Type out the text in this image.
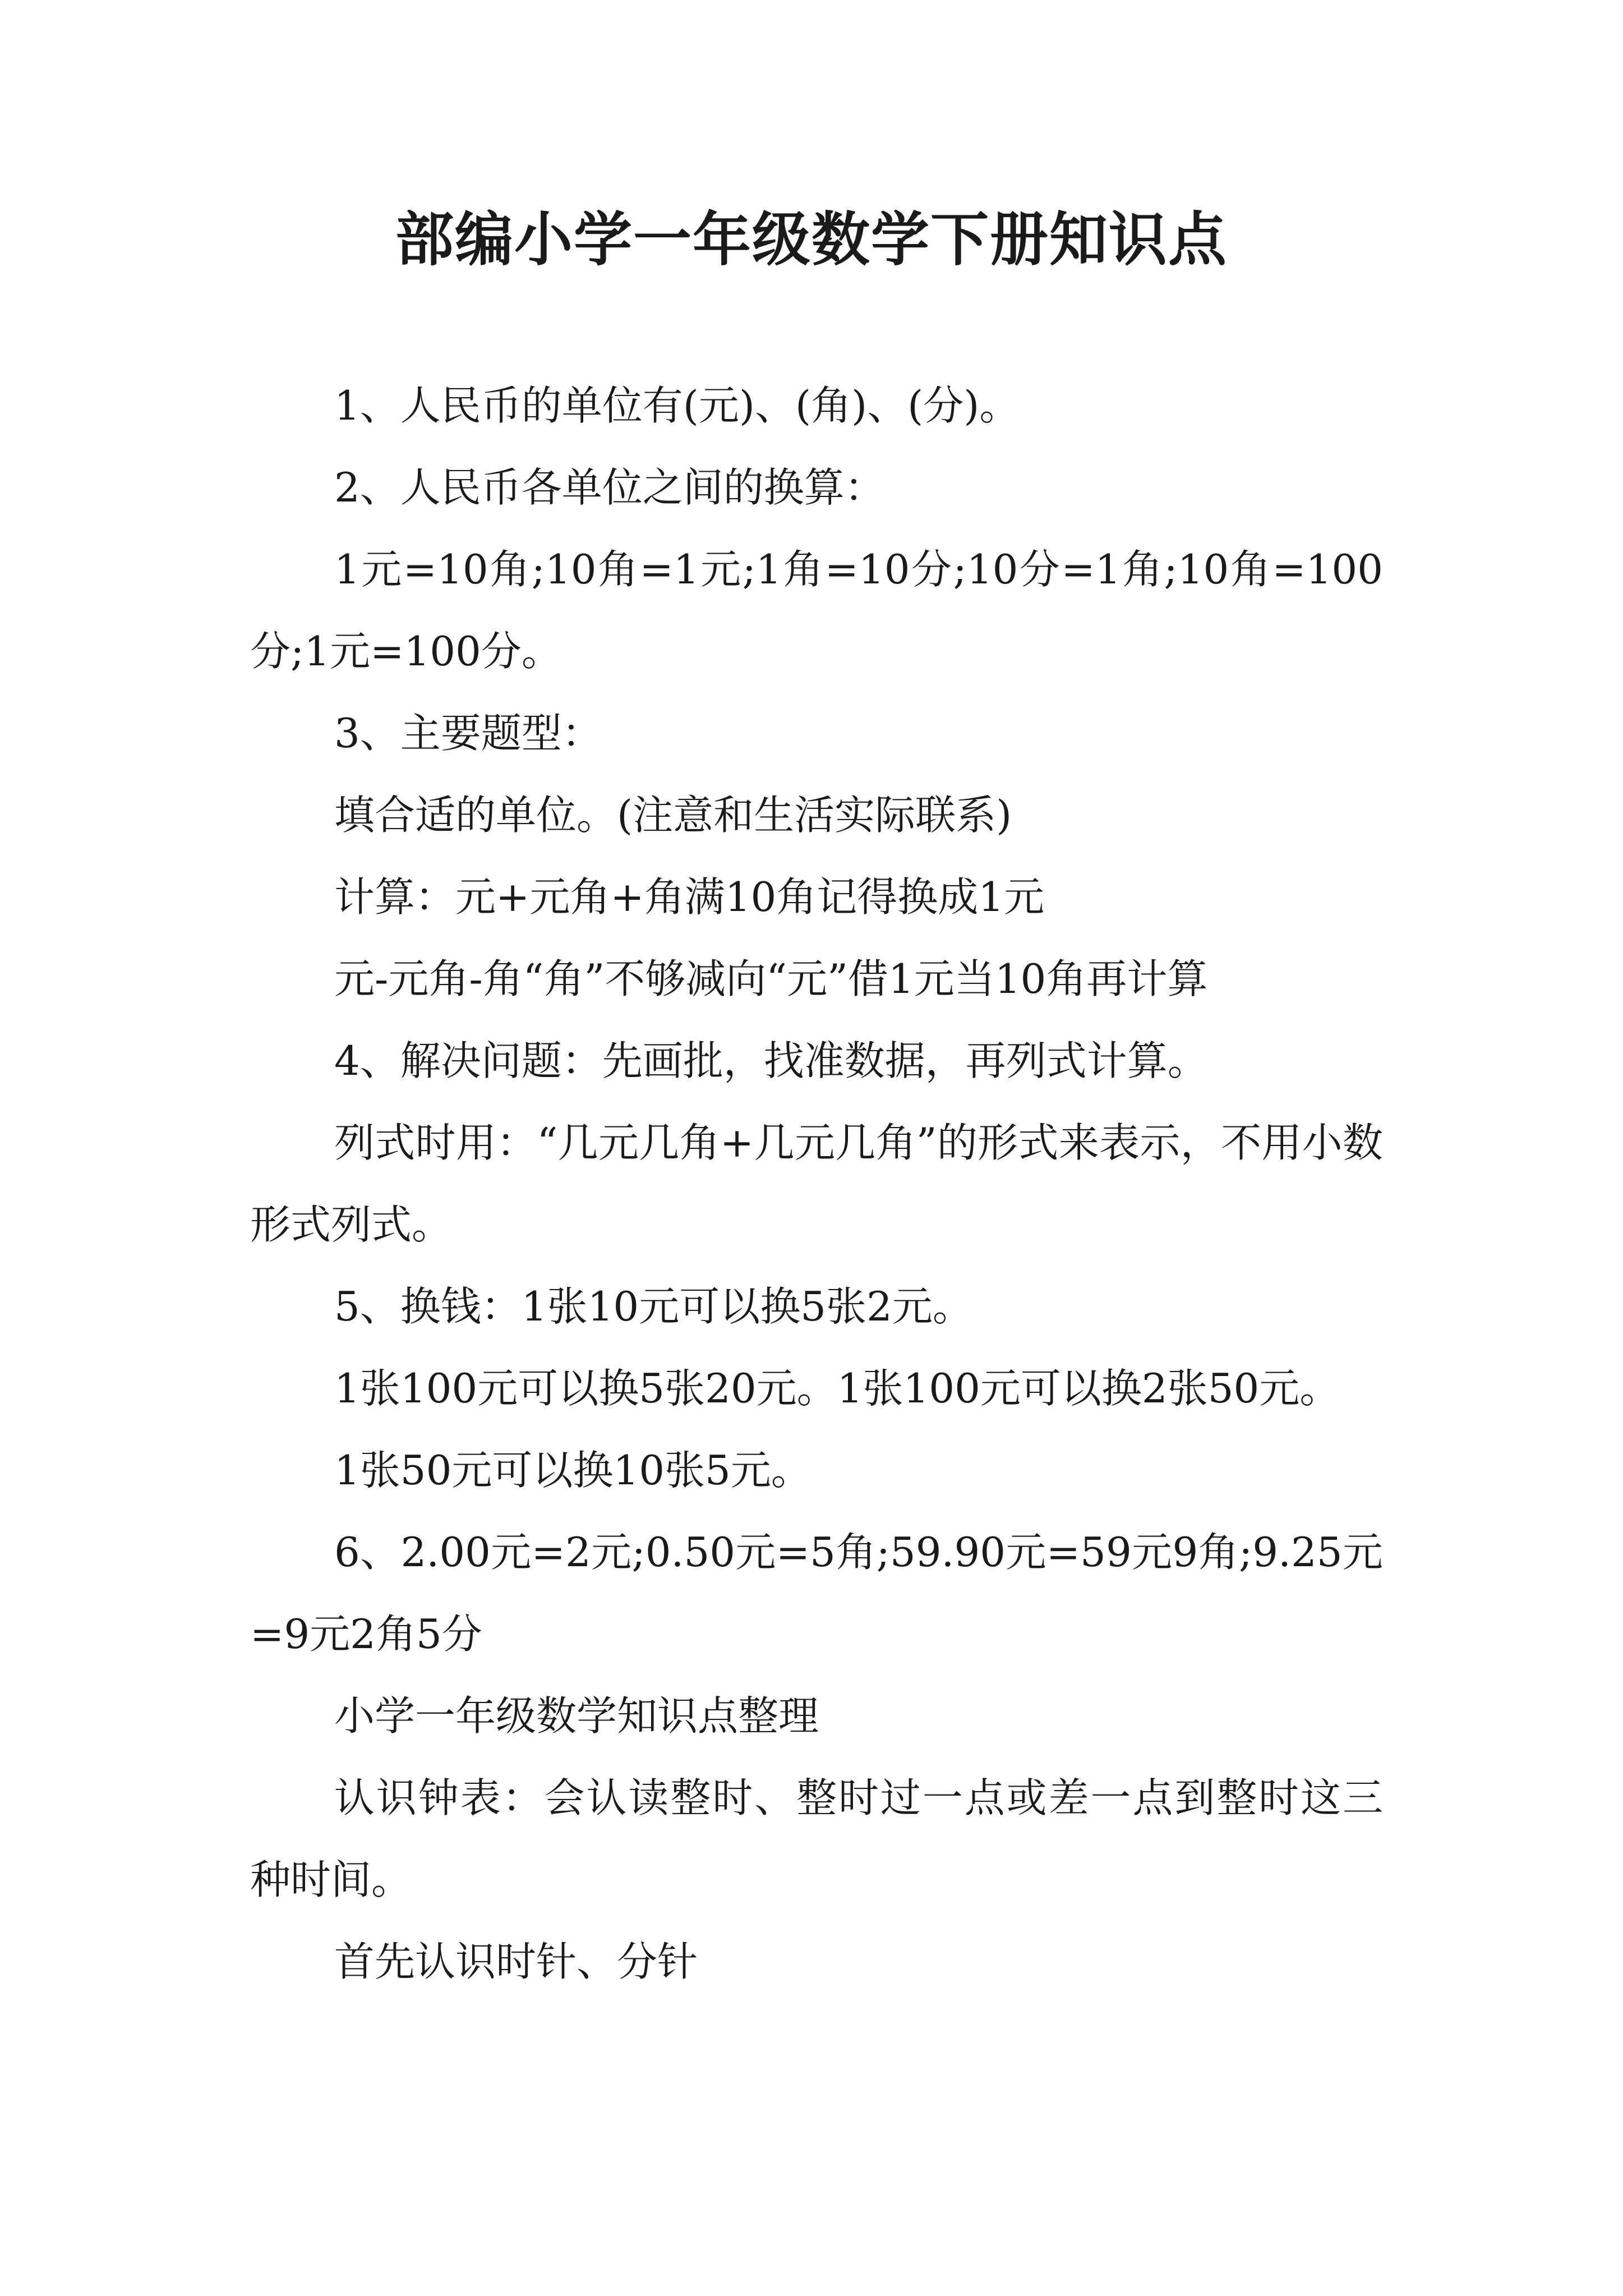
部编小学一年级数学下册知识点

1、人民币的单位有(元)、(角)、(分)。

2、人民币各单位之间的换算：

1元=10角;10角=1元;1角=10分;10分=1角;10角=100分;1元=100分。

3、主要题型：

填合适的单位。(注意和生活实际联系)

计算：元+元角+角满10角记得换成1元

元-元角-角“角”不够减向“元”借1元当10角再计算

4、解决问题：先画批，找准数据，再列式计算。

列式时用：“几元几角+几元几角”的形式来表示，不用小数形式列式。

5、换钱：1张10元可以换5张2元。

1张100元可以换5张20元。1张100元可以换2张50元。

1张50元可以换10张5元。

6、2.00元=2元;0.50元=5角;59.90元=59元9角;9.25元=9元2角5分

小学一年级数学知识点整理

认识钟表：会认读整时、整时过一点或差一点到整时这三种时间。

首先认识时针、分针
